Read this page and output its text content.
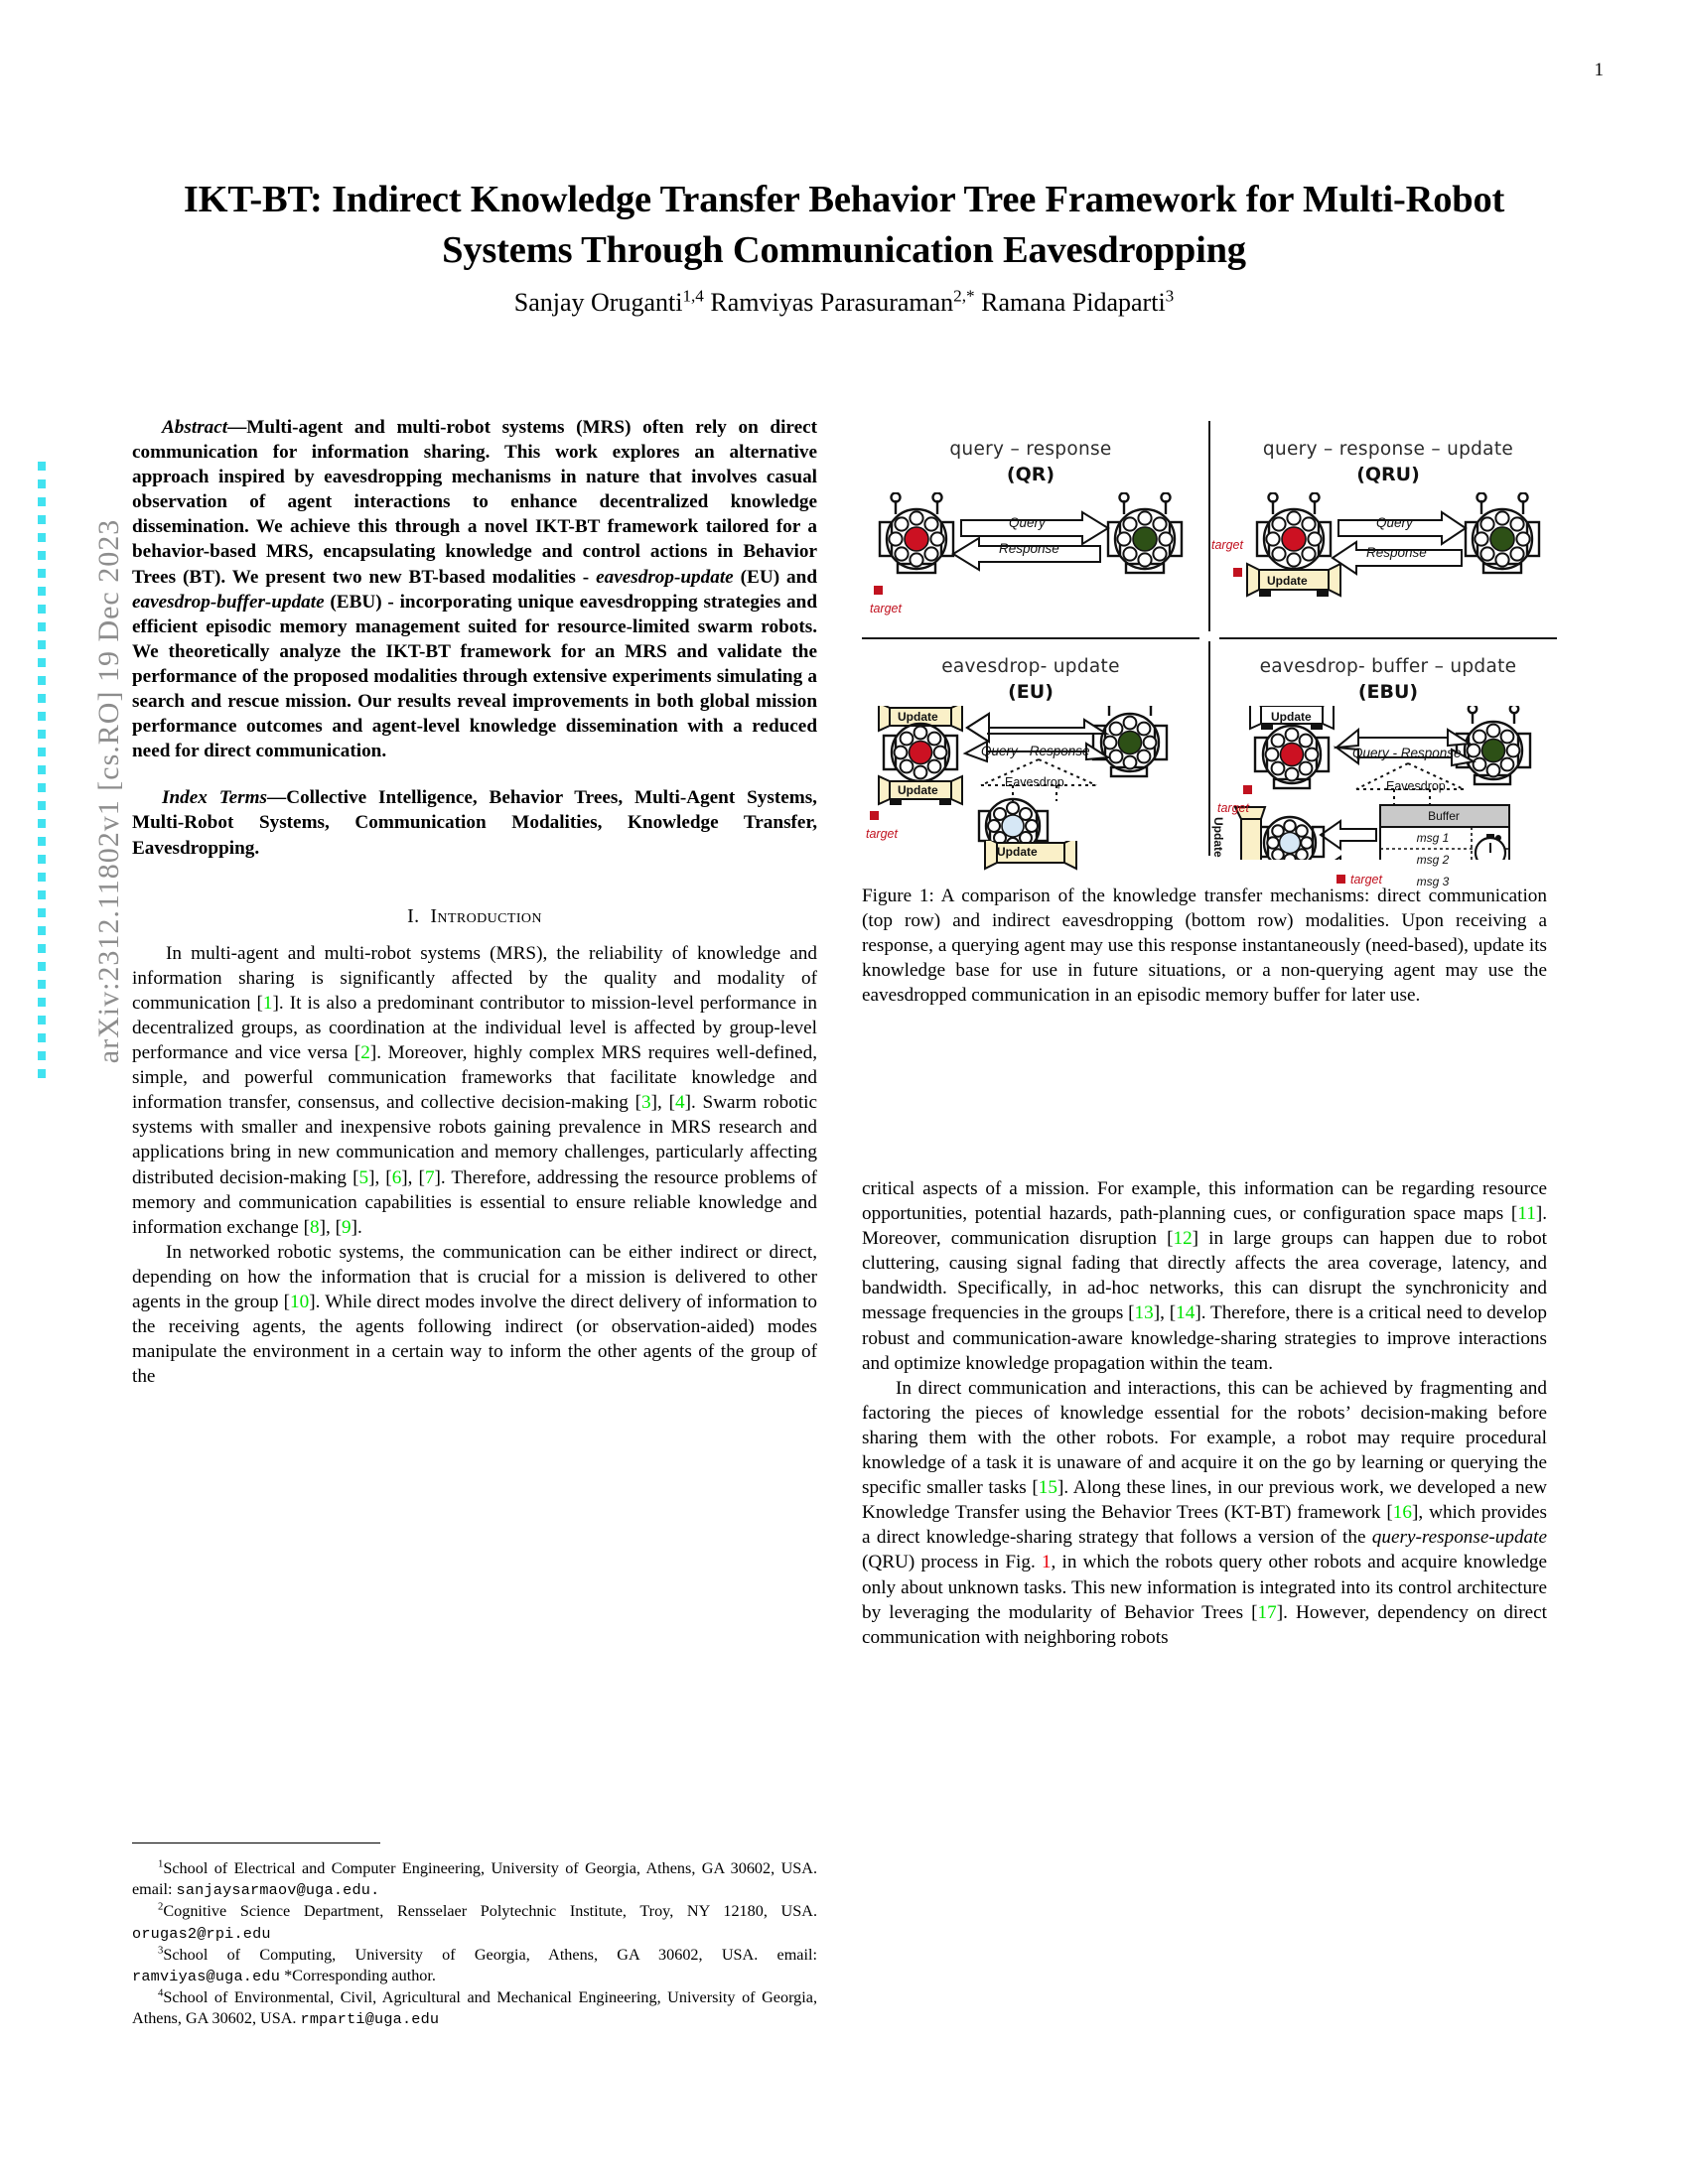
arXiv:2312.11802v1 [cs.RO] 19 Dec 2023
1
IKT-BT: Indirect Knowledge Transfer Behavior Tree Framework for Multi-Robot Systems Through Communication Eavesdropping
Sanjay Oruganti$^{1,4}$ Ramviyas Parasuraman$^{2,*}$ Ramana Pidaparti$^3$
Abstract—Multi-agent and multi-robot systems (MRS) often rely on direct communication for information sharing. This work explores an alternative approach inspired by eavesdropping mechanisms in nature that involves casual observation of agent interactions to enhance decentralized knowledge dissemination. We achieve this through a novel IKT-BT framework tailored for a behavior-based MRS, encapsulating knowledge and control actions in Behavior Trees (BT). We present two new BT-based modalities - eavesdrop-update (EU) and eavesdrop-buffer-update (EBU) - incorporating unique eavesdropping strategies and efficient episodic memory management suited for resource-limited swarm robots. We theoretically analyze the IKT-BT framework for an MRS and validate the performance of the proposed modalities through extensive experiments simulating a search and rescue mission. Our results reveal improvements in both global mission performance outcomes and agent-level knowledge dissemination with a reduced need for direct communication.
Index Terms—Collective Intelligence, Behavior Trees, Multi-Agent Systems, Multi-Robot Systems, Communication Modalities, Knowledge Transfer, Eavesdropping.
I. Introduction

In multi-agent and multi-robot systems (MRS), the reliability of knowledge and information sharing is significantly affected by the quality and modality of communication [1]. It is also a predominant contributor to mission-level performance in decentralized groups, as coordination at the individual level is affected by group-level performance and vice versa [2]. Moreover, highly complex MRS requires well-defined, simple, and powerful communication frameworks that facilitate knowledge and information transfer, consensus, and collective decision-making [3], [4]. Swarm robotic systems with smaller and inexpensive robots gaining prevalence in MRS research and applications bring in new communication and memory challenges, particularly affecting distributed decision-making [5], [6], [7]. Therefore, addressing the resource problems of memory and communication capabilities is essential to ensure reliable knowledge and information exchange [8], [9].

In networked robotic systems, the communication can be either indirect or direct, depending on how the information that is crucial for a mission is delivered to other agents in the group [10]. While direct modes involve the direct delivery of information to the receiving agents, the agents following indirect (or observation-aided) modes manipulate the environment in a certain way to inform the other agents of the group of the

query – response
(QR)
Query
Response
target
query – response – update
(QRU)
Query
Response
Update
target
eavesdrop- update
(EU)
Query - Response
Eavesdrop
Update
Update
Update
target
eavesdrop- buffer – update
(EBU)
Query - Response
Eavesdrop
Update
Update
Buffer
msg 1
msg 2
msg 3
target
target
Figure 1: A comparison of the knowledge transfer mechanisms: direct communication (top row) and indirect eavesdropping (bottom row) modalities. Upon receiving a response, a querying agent may use this response instantaneously (need-based), update its knowledge base for use in future situations, or a non-querying agent may use the eavesdropped communication in an episodic memory buffer for later use.

critical aspects of a mission. For example, this information can be regarding resource opportunities, potential hazards, path-planning cues, or configuration space maps [11]. Moreover, communication disruption [12] in large groups can happen due to robot cluttering, causing signal fading that directly affects the area coverage, latency, and bandwidth. Specifically, in ad-hoc networks, this can disrupt the synchronicity and message frequencies in the groups [13], [14]. Therefore, there is a critical need to develop robust and communication-aware knowledge-sharing strategies to improve interactions and optimize knowledge propagation within the team.

In direct communication and interactions, this can be achieved by fragmenting and factoring the pieces of knowledge essential for the robots’ decision-making before sharing them with the other robots. For example, a robot may require procedural knowledge of a task it is unaware of and acquire it on the go by learning or querying the specific smaller tasks [15]. Along these lines, in our previous work, we developed a new Knowledge Transfer using the Behavior Trees (KT-BT) framework [16], which provides a direct knowledge-sharing strategy that follows a version of the query-response-update (QRU) process in Fig. 1, in which the robots query other robots and acquire knowledge only about unknown tasks. This new information is integrated into its control architecture by leveraging the modularity of Behavior Trees [17]. However, dependency on direct communication with neighboring robots

$^1$School of Electrical and Computer Engineering, University of Georgia, Athens, GA 30602, USA. email: sanjaysarmaov@uga.edu.

$^2$Cognitive Science Department, Rensselaer Polytechnic Institute, Troy, NY 12180, USA. orugas2@rpi.edu

$^3$School of Computing, University of Georgia, Athens, GA 30602, USA. email: ramviyas@uga.edu *Corresponding author.

$^4$School of Environmental, Civil, Agricultural and Mechanical Engineering, University of Georgia, Athens, GA 30602, USA. rmparti@uga.edu
